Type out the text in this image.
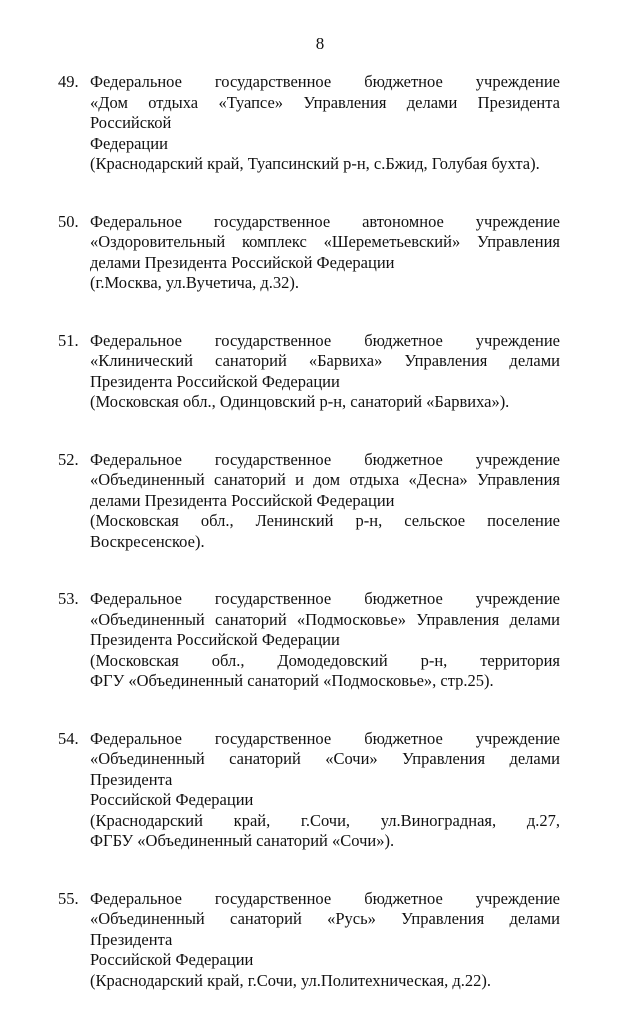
8
49. Федеральное государственное бюджетное учреждение
«Дом отдыха «Туапсе» Управления делами Президента Российской
Федерации
(Краснодарский край, Туапсинский р-н, с.Бжид, Голубая бухта).
50. Федеральное государственное автономное учреждение
«Оздоровительный комплекс «Шереметьевский» Управления
делами Президента Российской Федерации
(г.Москва, ул.Вучетича, д.32).
51. Федеральное государственное бюджетное учреждение
«Клинический санаторий «Барвиха» Управления делами
Президента Российской Федерации
(Московская обл., Одинцовский р-н, санаторий «Барвиха»).
52. Федеральное государственное бюджетное учреждение
«Объединенный санаторий и дом отдыха «Десна» Управления
делами Президента Российской Федерации
(Московская обл., Ленинский р-н, сельское поселение
Воскресенское).
53. Федеральное государственное бюджетное учреждение
«Объединенный санаторий «Подмосковье» Управления делами
Президента Российской Федерации
(Московская обл., Домодедовский р-н, территория
ФГУ «Объединенный санаторий «Подмосковье», стр.25).
54. Федеральное государственное бюджетное учреждение
«Объединенный санаторий «Сочи» Управления делами Президента
Российской Федерации
(Краснодарский край, г.Сочи, ул.Виноградная, д.27,
ФГБУ «Объединенный санаторий «Сочи»).
55. Федеральное государственное бюджетное учреждение
«Объединенный санаторий «Русь» Управления делами Президента
Российской Федерации
(Краснодарский край, г.Сочи, ул.Политехническая, д.22).
